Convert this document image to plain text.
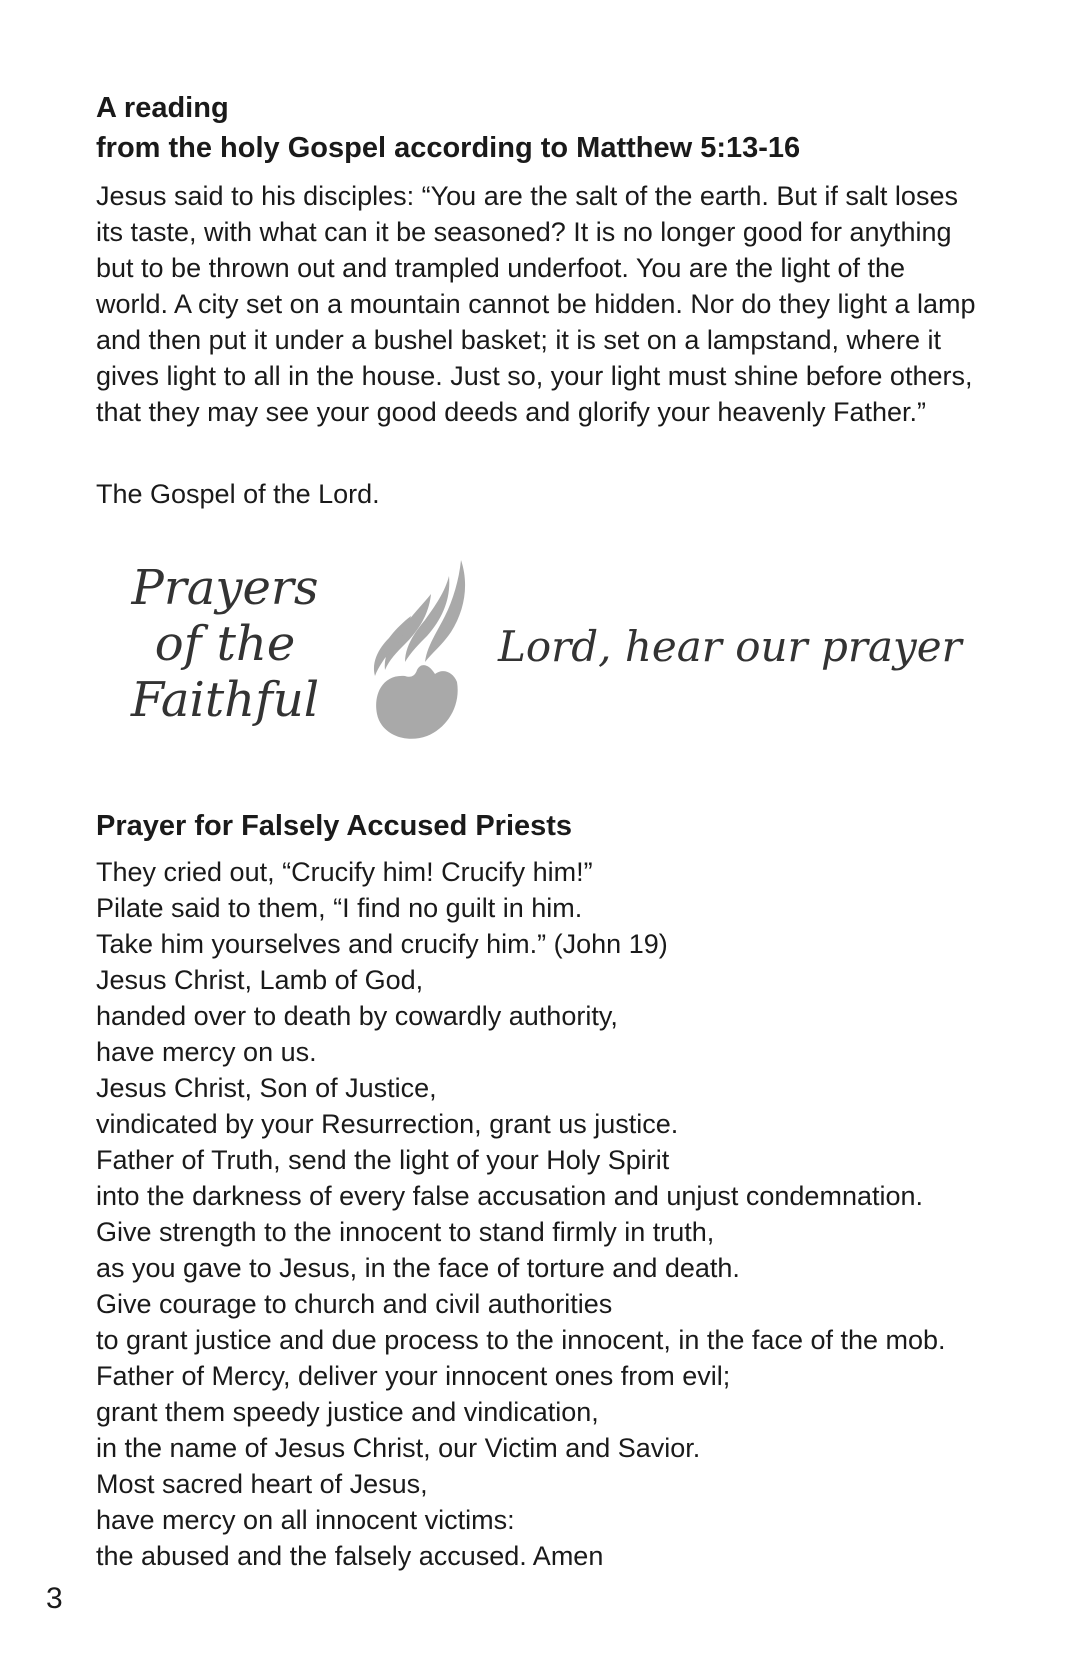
A reading
from the holy Gospel according to Matthew 5:13-16

Jesus said to his disciples: “You are the salt of the earth. But if salt loses its taste, with what can it be seasoned? It is no longer good for anything but to be thrown out and trampled underfoot. You are the light of the world. A city set on a mountain cannot be hidden. Nor do they light a lamp and then put it under a bushel basket; it is set on a lampstand, where it gives light to all in the house. Just so, your light must shine before others, that they may see your good deeds and glorify your heavenly Father.”

The Gospel of the Lord.

Prayers
of the
Faithful
Lord, hear our prayer
Prayer for Falsely Accused Priests
They cried out, “Crucify him! Crucify him!”
Pilate said to them, “I find no guilt in him.
Take him yourselves and crucify him.” (John 19)
Jesus Christ, Lamb of God,
handed over to death by cowardly authority,
have mercy on us.
Jesus Christ, Son of Justice,
vindicated by your Resurrection, grant us justice.
Father of Truth, send the light of your Holy Spirit
into the darkness of every false accusation and unjust condemnation.
Give strength to the innocent to stand firmly in truth,
as you gave to Jesus, in the face of torture and death.
Give courage to church and civil authorities
to grant justice and due process to the innocent, in the face of the mob.
Father of Mercy, deliver your innocent ones from evil;
grant them speedy justice and vindication,
in the name of Jesus Christ, our Victim and Savior.
Most sacred heart of Jesus,
have mercy on all innocent victims:
the abused and the falsely accused. Amen
3
